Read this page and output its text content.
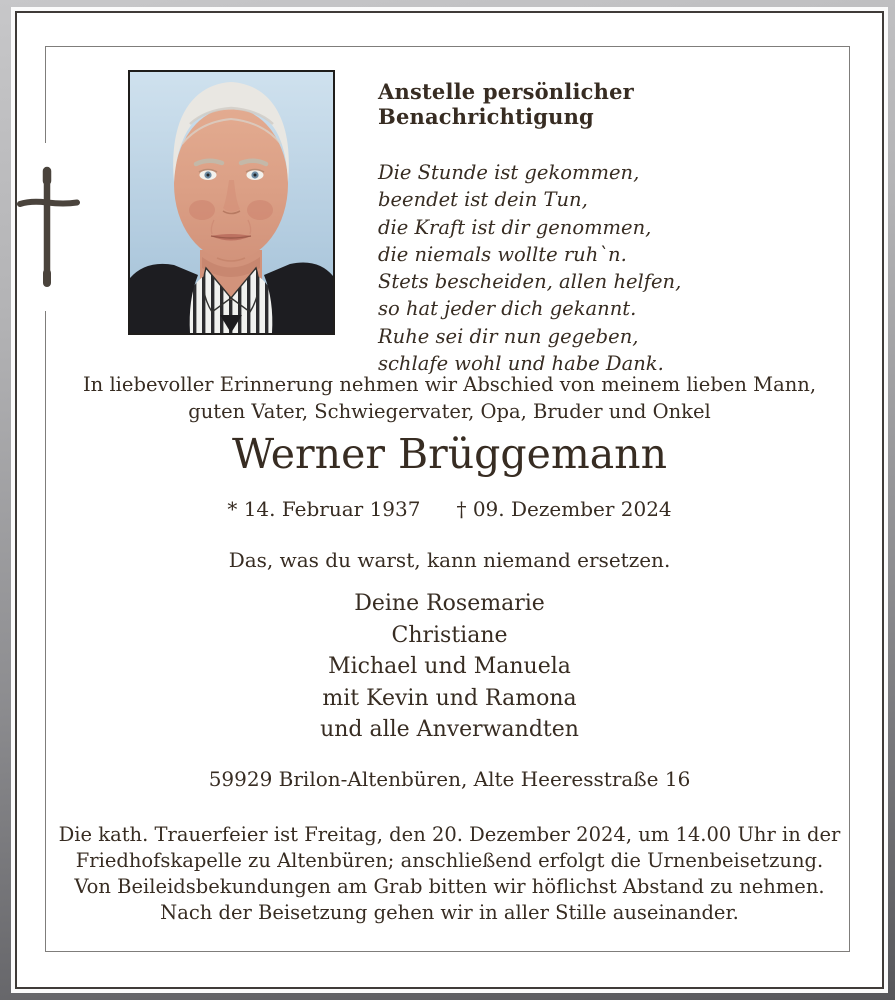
Anstelle persönlicher Benachrichtigung
Die Stunde ist gekommen,
beendet ist dein Tun,
die Kraft ist dir genommen,
die niemals wollte ruh`n.
Stets bescheiden, allen helfen,
so hat jeder dich gekannt.
Ruhe sei dir nun gegeben,
schlafe wohl und habe Dank.
In liebevoller Erinnerung nehmen wir Abschied von meinem lieben Mann,
guten Vater, Schwiegervater, Opa, Bruder und Onkel
Werner Brüggemann
* 14. Februar 1937 † 09. Dezember 2024
Das, was du warst, kann niemand ersetzen.
Deine Rosemarie
Christiane
Michael und Manuela
mit Kevin und Ramona
und alle Anverwandten
59929 Brilon-Altenbüren, Alte Heeresstraße 16
Die kath. Trauerfeier ist Freitag, den 20. Dezember 2024, um 14.00 Uhr in der
Friedhofskapelle zu Altenbüren; anschließend erfolgt die Urnenbeisetzung.
Von Beileidsbekundungen am Grab bitten wir höflichst Abstand zu nehmen.
Nach der Beisetzung gehen wir in aller Stille auseinander.
